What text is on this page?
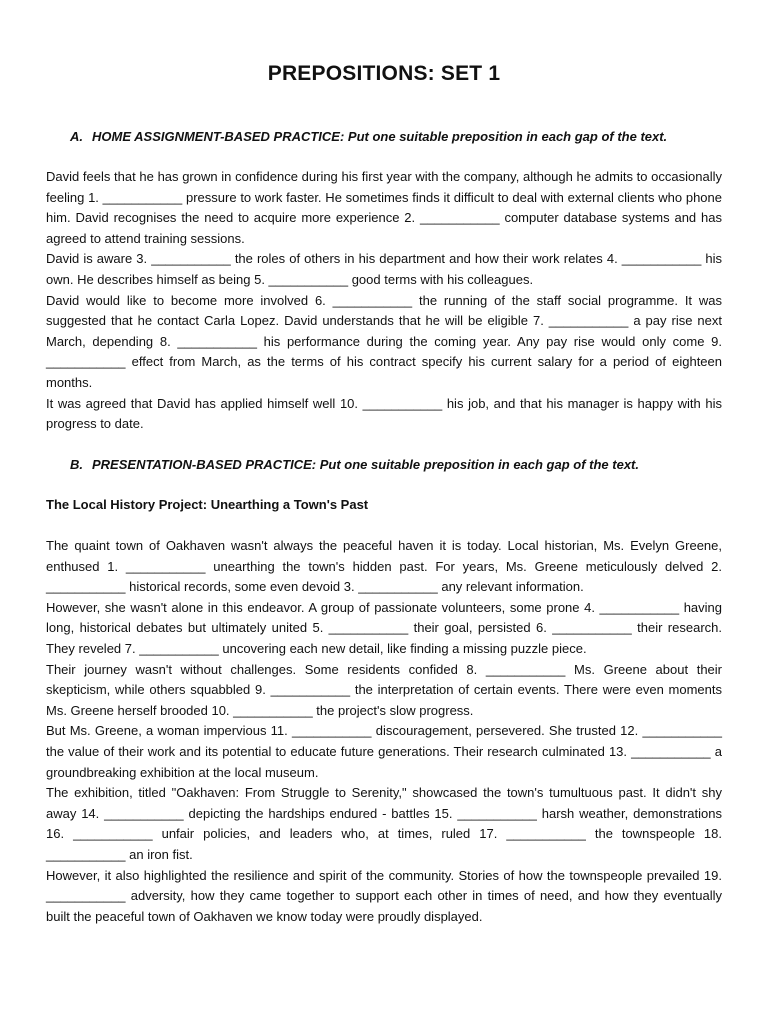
PREPOSITIONS: SET 1

A. HOME ASSIGNMENT-BASED PRACTICE: Put one suitable preposition in each gap of the text.

David feels that he has grown in confidence during his first year with the company, although he admits to occasionally feeling 1. ___________ pressure to work faster. He sometimes finds it difficult to deal with external clients who phone him. David recognises the need to acquire more experience 2. ___________ computer database systems and has agreed to attend training sessions.

David is aware 3. ___________ the roles of others in his department and how their work relates 4. ___________ his own. He describes himself as being 5. ___________ good terms with his colleagues.

David would like to become more involved 6. ___________ the running of the staff social programme. It was suggested that he contact Carla Lopez. David understands that he will be eligible 7. ___________ a pay rise next March, depending 8. ___________ his performance during the coming year. Any pay rise would only come 9. ___________ effect from March, as the terms of his contract specify his current salary for a period of eighteen months.

It was agreed that David has applied himself well 10. ___________ his job, and that his manager is happy with his progress to date.

B. PRESENTATION-BASED PRACTICE: Put one suitable preposition in each gap of the text.

The Local History Project: Unearthing a Town's Past

The quaint town of Oakhaven wasn't always the peaceful haven it is today. Local historian, Ms. Evelyn Greene, enthused 1. ___________ unearthing the town's hidden past. For years, Ms. Greene meticulously delved 2. ___________ historical records, some even devoid 3. ___________ any relevant information.

However, she wasn't alone in this endeavor. A group of passionate volunteers, some prone 4. ___________ having long, historical debates but ultimately united 5. ___________ their goal, persisted 6. ___________ their research. They reveled 7. ___________ uncovering each new detail, like finding a missing puzzle piece.

Their journey wasn't without challenges. Some residents confided 8. ___________ Ms. Greene about their skepticism, while others squabbled 9. ___________ the interpretation of certain events. There were even moments Ms. Greene herself brooded 10. ___________ the project's slow progress.

But Ms. Greene, a woman impervious 11. ___________ discouragement, persevered. She trusted 12. ___________ the value of their work and its potential to educate future generations. Their research culminated 13. ___________ a groundbreaking exhibition at the local museum.

The exhibition, titled "Oakhaven: From Struggle to Serenity," showcased the town's tumultuous past. It didn't shy away 14. ___________ depicting the hardships endured - battles 15. ___________ harsh weather, demonstrations 16. ___________ unfair policies, and leaders who, at times, ruled 17. ___________ the townspeople 18. ___________ an iron fist.

However, it also highlighted the resilience and spirit of the community. Stories of how the townspeople prevailed 19. ___________ adversity, how they came together to support each other in times of need, and how they eventually built the peaceful town of Oakhaven we know today were proudly displayed.
